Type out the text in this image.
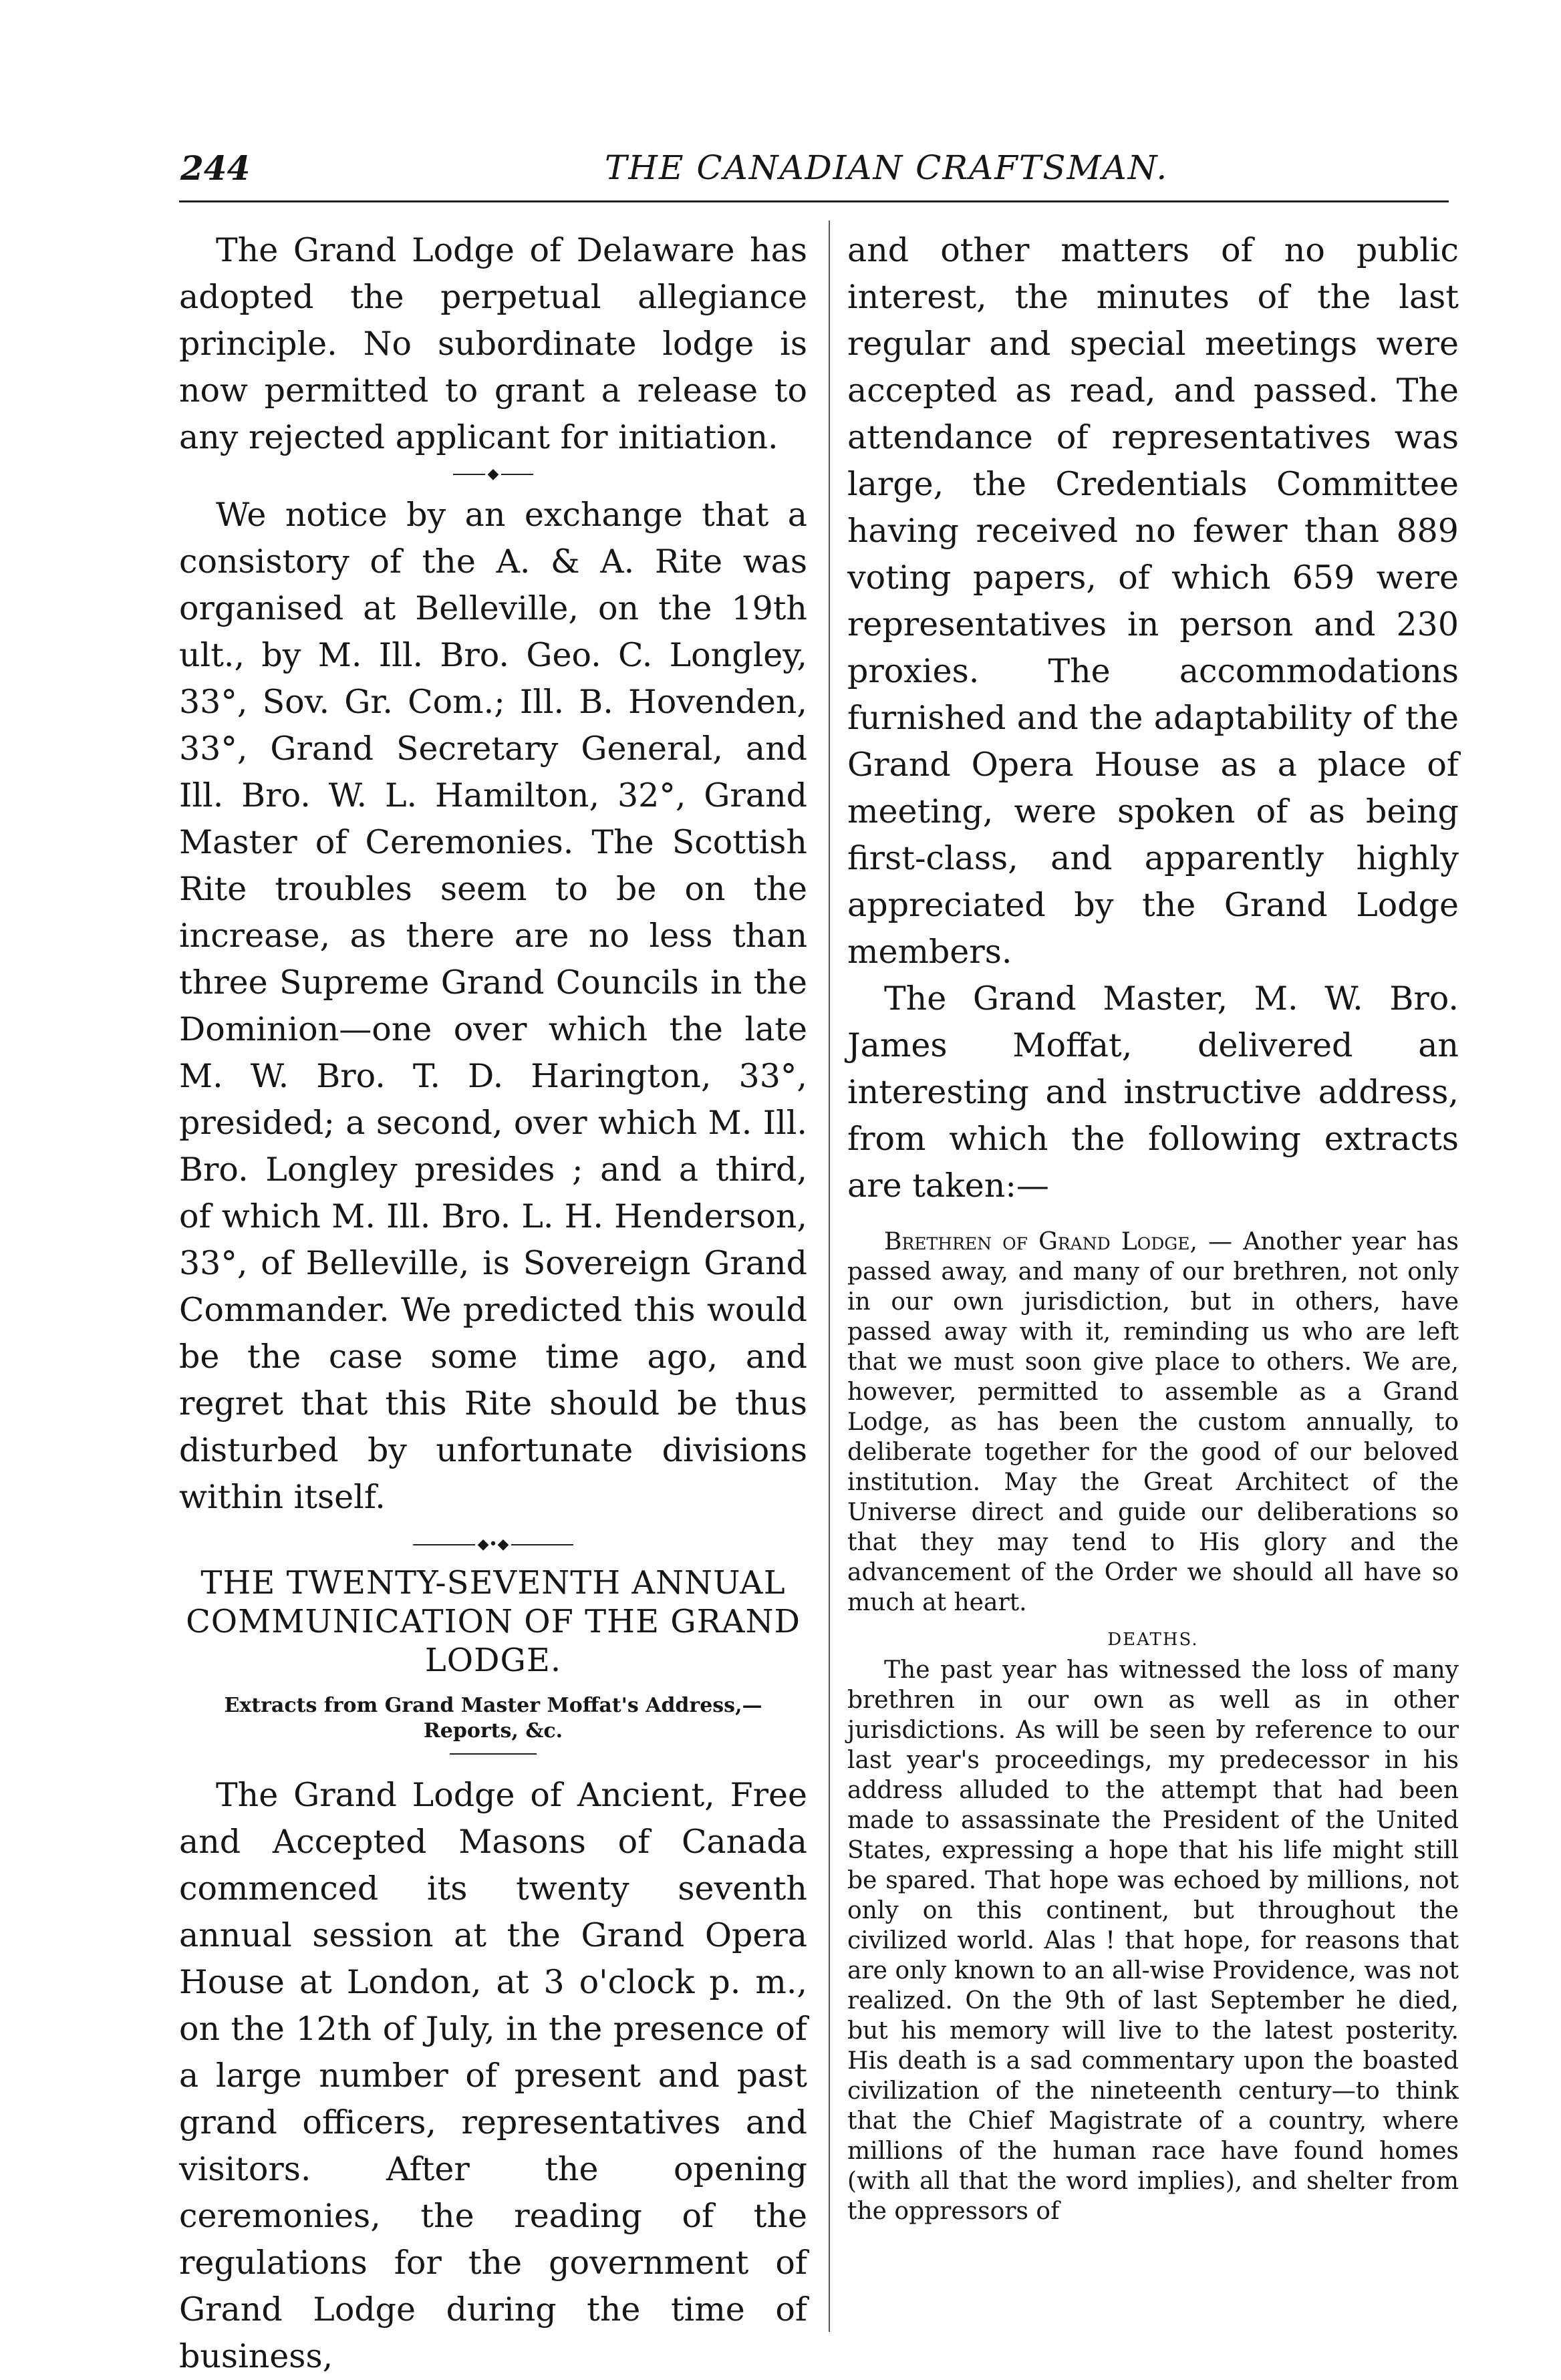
244	THE CANADIAN CRAFTSMAN.

The Grand Lodge of Delaware has adopted the perpetual allegiance principle. No subordinate lodge is now permitted to grant a release to any rejected applicant for initiation.

◆

We notice by an exchange that a consistory of the A. & A. Rite was organised at Belleville, on the 19th ult., by M. Ill. Bro. Geo. C. Longley, 33°, Sov. Gr. Com.; Ill. B. Hovenden, 33°, Grand Secretary General, and Ill. Bro. W. L. Hamilton, 32°, Grand Master of Ceremonies. The Scottish Rite troubles seem to be on the increase, as there are no less than three Supreme Grand Councils in the Dominion—one over which the late M. W. Bro. T. D. Harington, 33°, presided; a second, over which M. Ill. Bro. Longley presides ; and a third, of which M. Ill. Bro. L. H. Henderson, 33°, of Belleville, is Sovereign Grand Commander. We predicted this would be the case some time ago, and regret that this Rite should be thus disturbed by unfortunate divisions within itself.

◆•◆
THE TWENTY-SEVENTH ANNUAL COMMUNICATION OF THE GRAND LODGE.
Extracts from Grand Master Moffat's Address,—Reports, &c.

The Grand Lodge of Ancient, Free and Accepted Masons of Canada commenced its twenty seventh annual session at the Grand Opera House at London, at 3 o'clock p. m., on the 12th of July, in the presence of a large number of present and past grand officers, representatives and visitors. After the opening ceremonies, the reading of the regulations for the government of Grand Lodge during the time of business,

and other matters of no public interest, the minutes of the last regular and special meetings were accepted as read, and passed. The attendance of representatives was large, the Credentials Committee having received no fewer than 889 voting papers, of which 659 were representatives in person and 230 proxies. The accommodations furnished and the adaptability of the Grand Opera House as a place of meeting, were spoken of as being first-class, and apparently highly appreciated by the Grand Lodge members.

The Grand Master, M. W. Bro. James Moffat, delivered an interesting and instructive address, from which the following extracts are taken:—

Brethren of Grand Lodge, — Another year has passed away, and many of our brethren, not only in our own jurisdiction, but in others, have passed away with it, reminding us who are left that we must soon give place to others. We are, however, permitted to assemble as a Grand Lodge, as has been the custom annually, to deliberate together for the good of our beloved institution. May the Great Architect of the Universe direct and guide our deliberations so that they may tend to His glory and the advancement of the Order we should all have so much at heart.

DEATHS.

The past year has witnessed the loss of many brethren in our own as well as in other jurisdictions. As will be seen by reference to our last year's proceedings, my predecessor in his address alluded to the attempt that had been made to assassinate the President of the United States, expressing a hope that his life might still be spared. That hope was echoed by millions, not only on this continent, but throughout the civilized world. Alas ! that hope, for reasons that are only known to an all-wise Providence, was not realized. On the 9th of last September he died, but his memory will live to the latest posterity. His death is a sad commentary upon the boasted civilization of the nineteenth century—to think that the Chief Magistrate of a country, where millions of the human race have found homes (with all that the word implies), and shelter from the oppressors of
